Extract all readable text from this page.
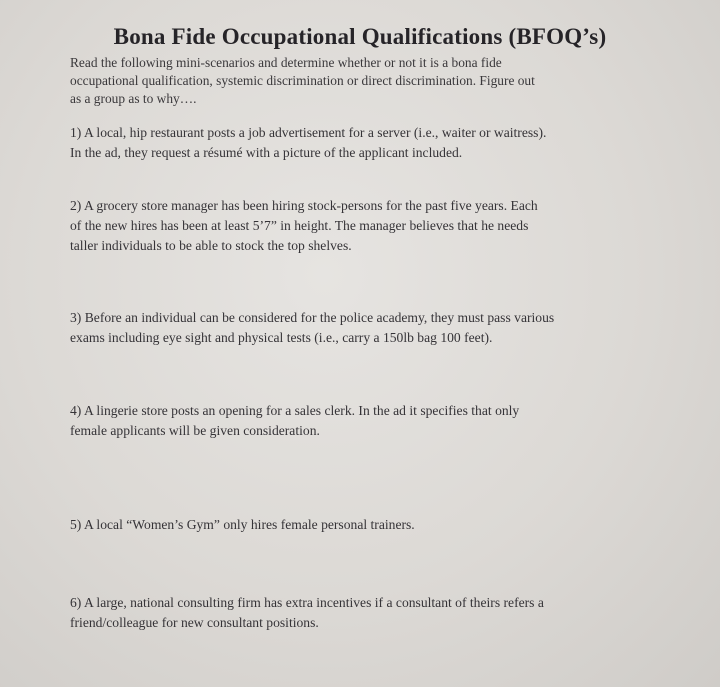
Bona Fide Occupational Qualifications (BFOQ’s)
Read the following mini-scenarios and determine whether or not it is a bona fide
occupational qualification, systemic discrimination or direct discrimination. Figure out
as a group as to why….
1) A local, hip restaurant posts a job advertisement for a server (i.e., waiter or waitress).
In the ad, they request a résumé with a picture of the applicant included.
2) A grocery store manager has been hiring stock-persons for the past five years. Each
of the new hires has been at least 5’7” in height. The manager believes that he needs
taller individuals to be able to stock the top shelves.
3) Before an individual can be considered for the police academy, they must pass various
exams including eye sight and physical tests (i.e., carry a 150lb bag 100 feet).
4) A lingerie store posts an opening for a sales clerk. In the ad it specifies that only
female applicants will be given consideration.
5) A local “Women’s Gym” only hires female personal trainers.
6) A large, national consulting firm has extra incentives if a consultant of theirs refers a
friend/colleague for new consultant positions.
